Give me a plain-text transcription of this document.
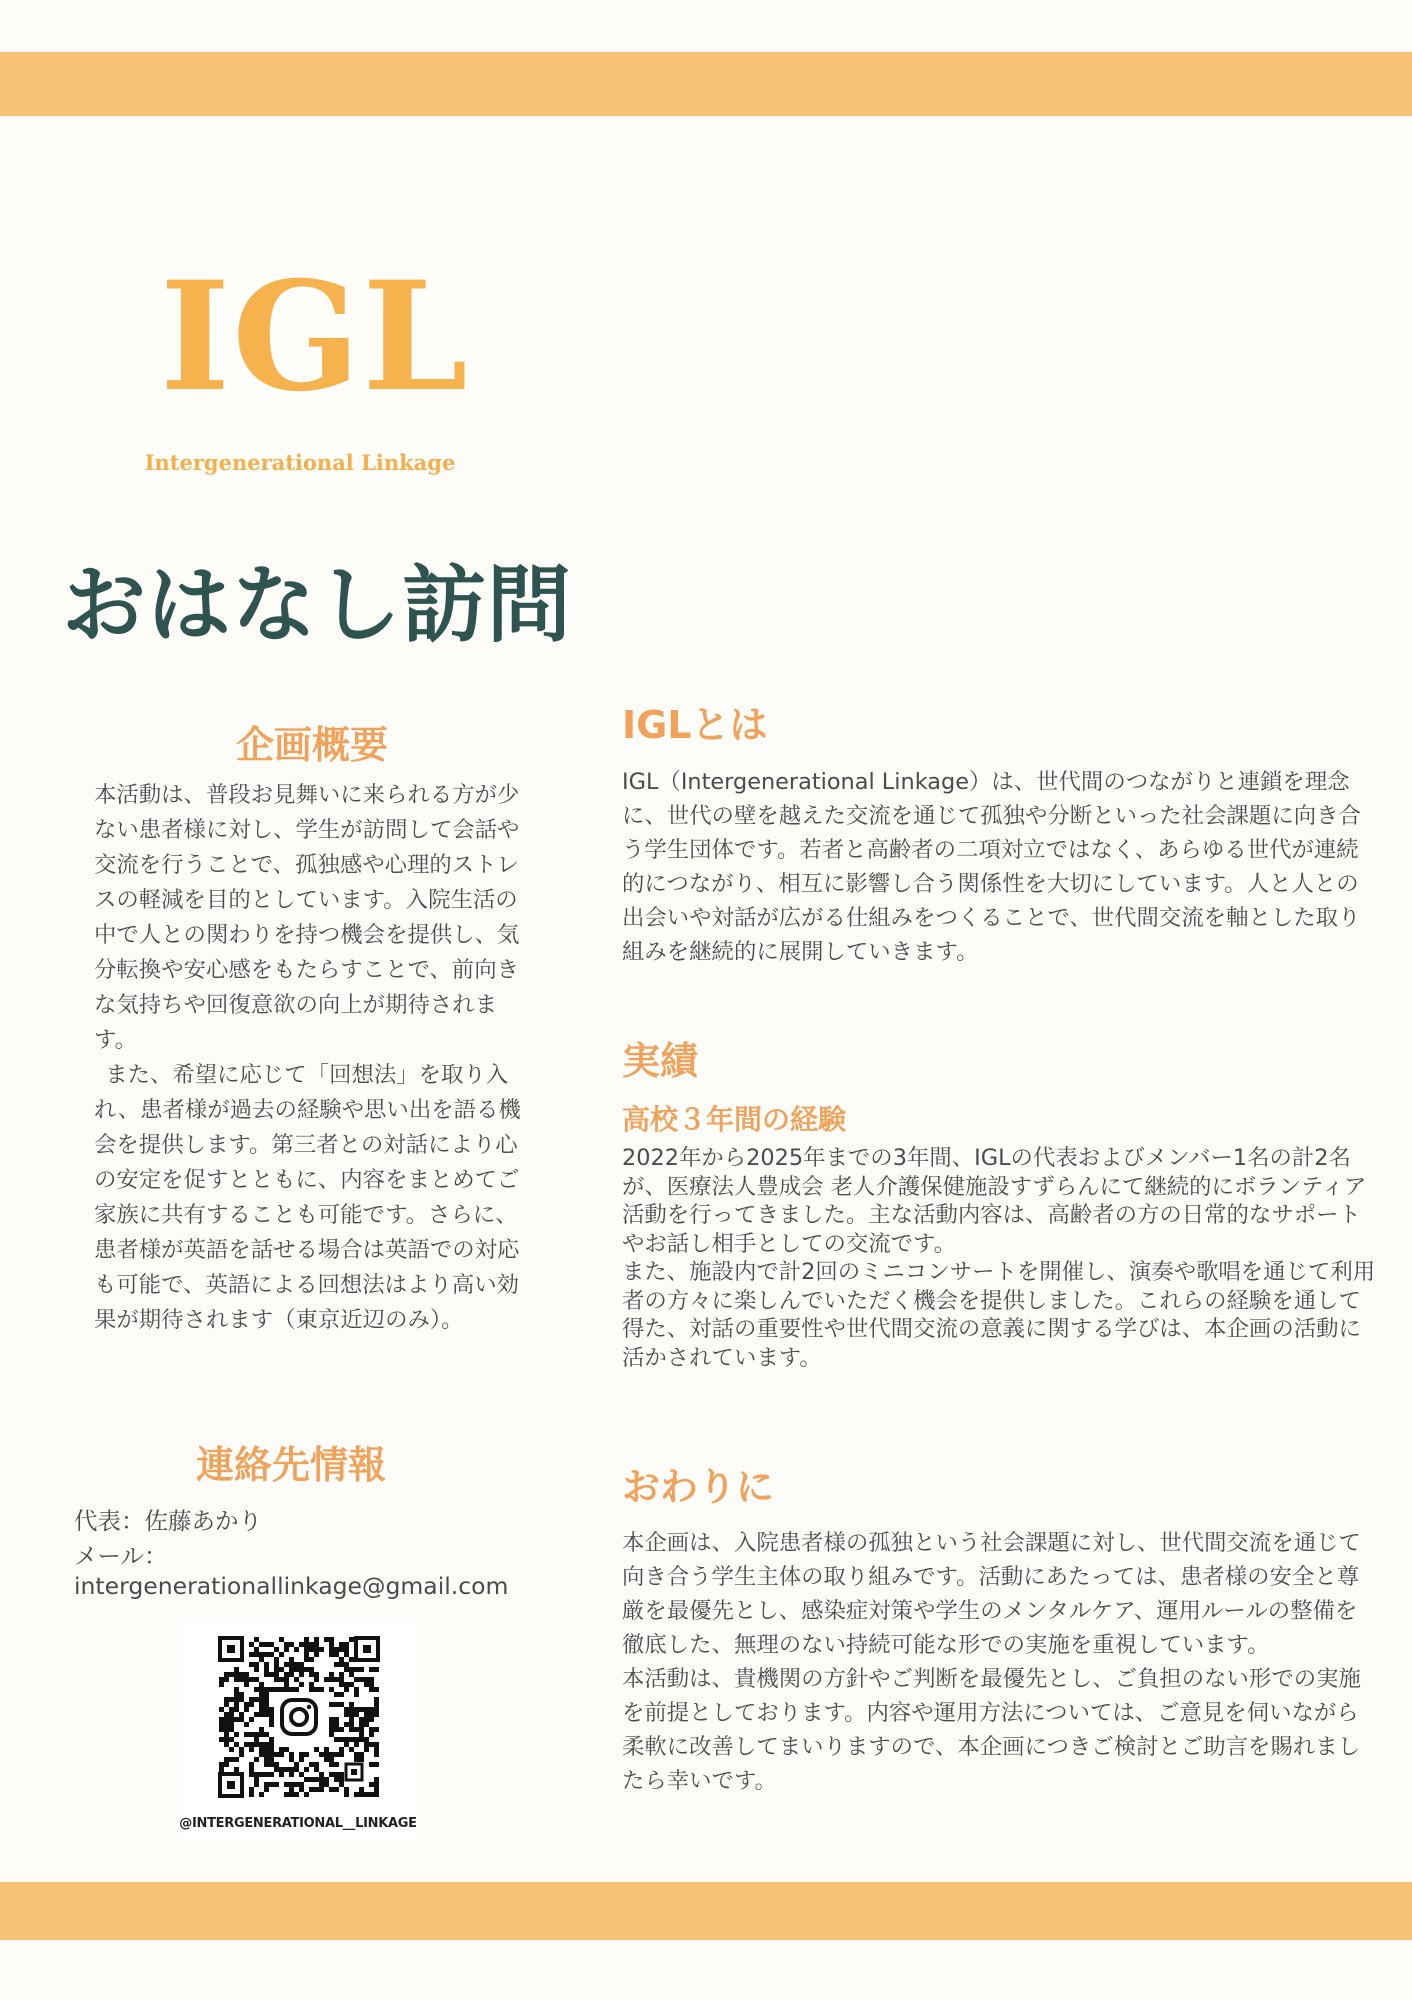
IGL
Intergenerational Linkage
おはなし訪問
企画概要

本活動は、普段お見舞いに来られる方が少ない患者様に対し、学生が訪問して会話や交流を行うことで、孤独感や心理的ストレスの軽減を目的としています。入院生活の中で人との関わりを持つ機会を提供し、気分転換や安心感をもたらすことで、前向きな気持ちや回復意欲の向上が期待されます。

また、希望に応じて「回想法」を取り入れ、患者様が過去の経験や思い出を語る機会を提供します。第三者との対話により心の安定を促すとともに、内容をまとめてご家族に共有することも可能です。さらに、患者様が英語を話せる場合は英語での対応も可能で、英語による回想法はより高い効果が期待されます（東京近辺のみ）。

連絡先情報
代表：佐藤あかり
メール：
intergenerationallinkage@gmail.com
@INTERGENERATIONAL__LINKAGE
IGLとは
IGL（Intergenerational Linkage）は、世代間のつながりと連鎖を理念に、世代の壁を越えた交流を通じて孤独や分断といった社会課題に向き合う学生団体です。若者と高齢者の二項対立ではなく、あらゆる世代が連続的につながり、相互に影響し合う関係性を大切にしています。人と人との出会いや対話が広がる仕組みをつくることで、世代間交流を軸とした取り組みを継続的に展開していきます。
実績
高校３年間の経験

2022年から2025年までの3年間、IGLの代表およびメンバー1名の計2名が、医療法人豊成会 老人介護保健施設すずらんにて継続的にボランティア活動を行ってきました。主な活動内容は、高齢者の方の日常的なサポートやお話し相手としての交流です。

また、施設内で計2回のミニコンサートを開催し、演奏や歌唱を通じて利用者の方々に楽しんでいただく機会を提供しました。これらの経験を通して得た、対話の重要性や世代間交流の意義に関する学びは、本企画の活動に活かされています。

おわりに

本企画は、入院患者様の孤独という社会課題に対し、世代間交流を通じて向き合う学生主体の取り組みです。活動にあたっては、患者様の安全と尊厳を最優先とし、感染症対策や学生のメンタルケア、運用ルールの整備を徹底した、無理のない持続可能な形での実施を重視しています。

本活動は、貴機関の方針やご判断を最優先とし、ご負担のない形での実施を前提としております。内容や運用方法については、ご意見を伺いながら柔軟に改善してまいりますので、本企画につきご検討とご助言を賜れましたら幸いです。
